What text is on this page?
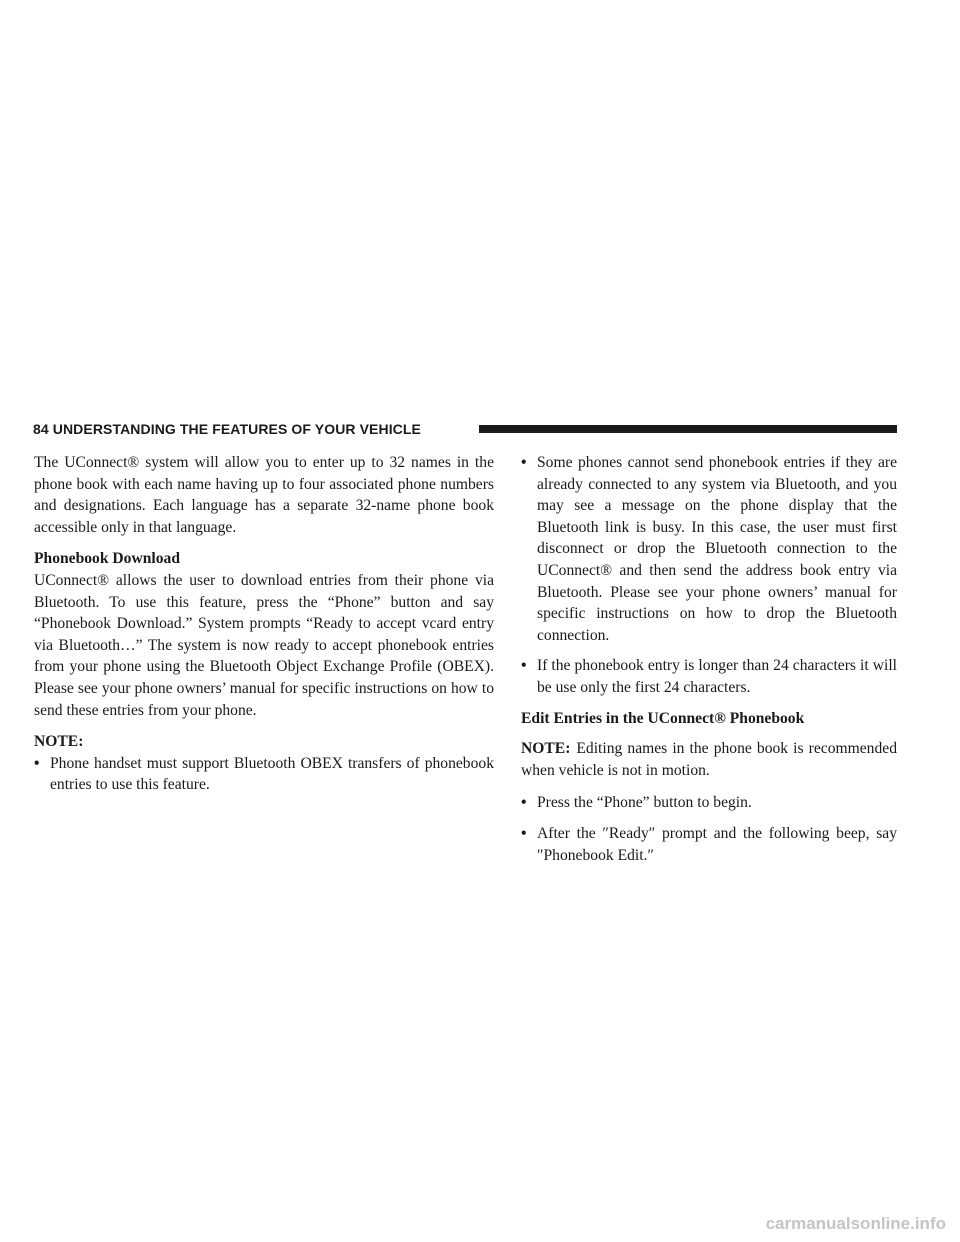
84 UNDERSTANDING THE FEATURES OF YOUR VEHICLE

The UConnect® system will allow you to enter up to 32 names in the phone book with each name having up to four associated phone numbers and designations. Each language has a separate 32-name phone book accessible only in that language.

Phonebook Download

UConnect® allows the user to download entries from their phone via Bluetooth. To use this feature, press the “Phone” button and say “Phonebook Download.” System prompts “Ready to accept vcard entry via Bluetooth…” The system is now ready to accept phonebook entries from your phone using the Bluetooth Object Exchange Profile (OBEX). Please see your phone owners’ manual for specific instructions on how to send these entries from your phone.

NOTE:
• Phone handset must support Bluetooth OBEX transfers of phonebook entries to use this feature.
• Some phones cannot send phonebook entries if they are already connected to any system via Bluetooth, and you may see a message on the phone display that the Bluetooth link is busy. In this case, the user must first disconnect or drop the Bluetooth connection to the UConnect® and then send the address book entry via Bluetooth. Please see your phone owners’ manual for specific instructions on how to drop the Bluetooth connection.
• If the phonebook entry is longer than 24 characters it will be use only the first 24 characters.
Edit Entries in the UConnect® Phonebook

NOTE: Editing names in the phone book is recommended when vehicle is not in motion.

• Press the “Phone” button to begin.
• After the ″Ready″ prompt and the following beep, say ″Phonebook Edit.″
carmanualsonline.info
